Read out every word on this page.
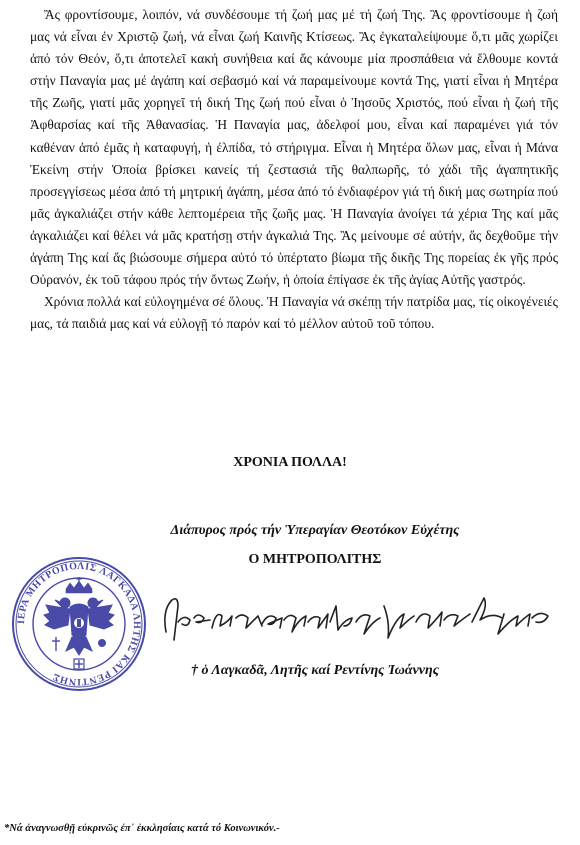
Ἂς φροντίσουμε, λοιπόν, νά συνδέσουμε τή ζωή μας μέ τή ζωή Της. Ἂς φροντίσουμε ἡ ζωή μας νά εἶναι ἐν Χριστῷ ζωή, νά εἶναι ζωή Καινῆς Κτίσεως. Ἂς ἐγκαταλείψουμε ὅ,τι μᾶς χωρίζει ἀπό τόν Θεόν, ὅ,τι ἀποτελεῖ κακή συνήθεια καί ἄς κάνουμε μία προσπάθεια νά ἔλθουμε κοντά στήν Παναγία μας μέ ἀγάπη καί σεβασμό καί νά παραμείνουμε κοντά Της, γιατί εἶναι ἡ Μητέρα τῆς Ζωῆς, γιατί μᾶς χορηγεῖ τή δική Της ζωή πού εἶναι ὁ Ἰησοῦς Χριστός, πού εἶναι ἡ ζωή τῆς Ἀφθαρσίας καί τῆς Ἀθανασίας. Ἡ Παναγία μας, ἀδελφοί μου, εἶναι καί παραμένει γιά τόν καθέναν ἀπό ἐμᾶς ἡ καταφυγή, ἡ ἐλπίδα, τό στήριγμα. Εἶναι ἡ Μητέρα ὅλων μας, εἶναι ἡ Μάνα Ἐκείνη στήν Ὁποία βρίσκει κανείς τή ζεστασιά τῆς θαλπωρῆς, τό χάδι τῆς ἀγαπητικῆς προσεγγίσεως μέσα ἀπό τή μητρική ἀγάπη, μέσα ἀπό τό ἐνδιαφέρον γιά τή δική μας σωτηρία πού μᾶς ἀγκαλιάζει στήν κάθε λεπτομέρεια τῆς ζωῆς μας. Ἡ Παναγία ἀνοίγει τά χέρια Της καί μᾶς ἀγκαλιάζει καί θέλει νά μᾶς κρατήσῃ στήν ἀγκαλιά Της. Ἂς μείνουμε σέ αὐτήν, ἄς δεχθοῦμε τήν ἀγάπη Της καί ἄς βιώσουμε σήμερα αὐτό τό ὑπέρτατο βίωμα τῆς δικῆς Της πορείας ἐκ γῆς πρός Οὐρανόν, ἐκ τοῦ τάφου πρός τήν ὄντως Ζωήν, ἡ ὁποία ἐπίγασε ἐκ τῆς ἁγίας Αὐτῆς γαστρός.

Χρόνια πολλά καί εὐλογημένα σέ ὅλους. Ἡ Παναγία νά σκέπῃ τήν πατρίδα μας, τίς οἰκογένειές μας, τά παιδιά μας καί νά εὐλογῇ τό παρόν καί τό μέλλον αὐτοῦ τοῦ τόπου.

ΧΡΟΝΙΑ ΠΟΛΛΑ!
Διάπυρος πρός τήν Ὑπεραγίαν Θεοτόκον Εὐχέτης
Ο ΜΗΤΡΟΠΟΛΙΤΗΣ
ΙΕΡΑ ΜΗΤΡΟΠΟΛΙΣ ΛΑΓΚΑΔΑ ΛΗΤΗΣ ΚΑΙ ΡΕΝΤΙΝΗΣ
Ὁ Λαγκαδᾶ, Λητῆς καί Ρεντίνης Ἰωάννης
† ὁ Λαγκαδᾶ, Λητῆς καί Ρεντίνης Ἰωάννης
*Νά ἀναγνωσθῇ εὐκρινῶς ἐπ᾽ ἐκκλησίαις κατά τό Κοινωνικόν.-
